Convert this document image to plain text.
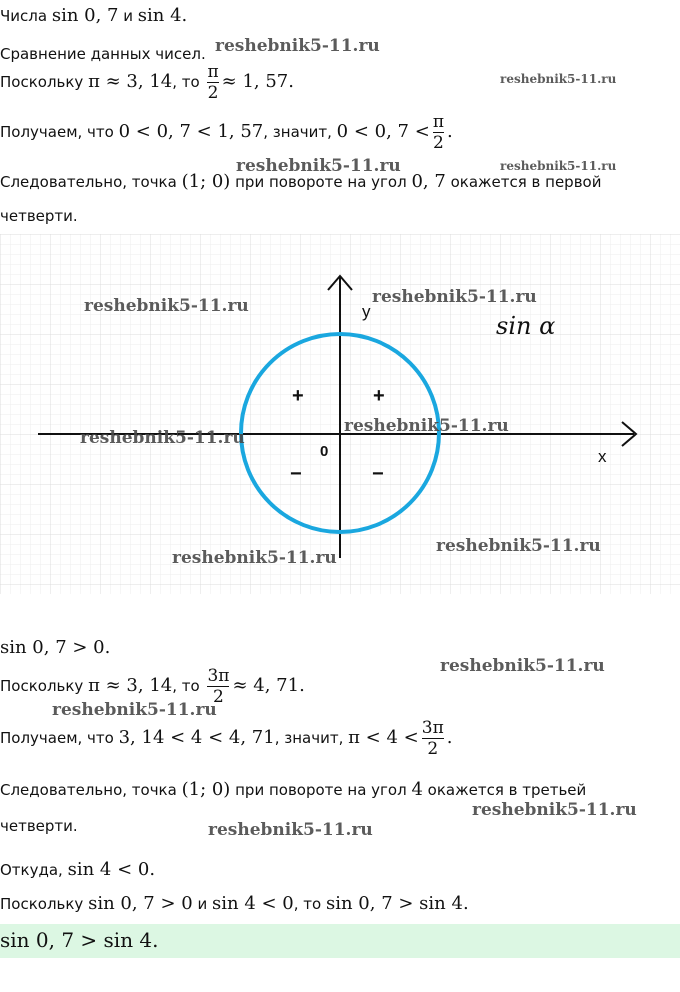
Числа sin 0, 7 и sin 4.
Сравнение данных чисел.
Поскольку π ≈ 3, 14, то $\frac{\pi}{2} \approx 1$, 57.
Получаем, что 0 < 0, 7 < 1, 57, значит, 0 < 0, $7 < \frac{\pi}{2}$ .
Следовательно, точка (1; 0) при повороте на угол 0, 7 окажется в первой
четверти.
y
x
0
sin α
+
+
−	−
sin 0, 7 > 0.
Поскольку π ≈ 3, 14, то $\frac{3\pi}{2} \approx 4$, 71.
Получаем, что 3, 14 < 4 < 4, 71, значит, $\pi < 4 < \frac{3\pi}{2}$ .
Следовательно, точка (1; 0) при повороте на угол 4 окажется в третьей
четверти.
Откуда, sin 4 < 0.
Поскольку sin 0, 7 > 0 и sin 4 < 0, то sin 0, 7 > sin 4.
sin 0, 7 > sin 4.
reshebnik5-11.ru
reshebnik5-11.ru
reshebnik5-11.ru	reshebnik5-11.ru
reshebnik5-11.ru	reshebnik5-11.ru
reshebnik5-11.ru
reshebnik5-11.ru
reshebnik5-11.ru
reshebnik5-11.ru
reshebnik5-11.ru
reshebnik5-11.ru
reshebnik5-11.ru
reshebnik5-11.ru
